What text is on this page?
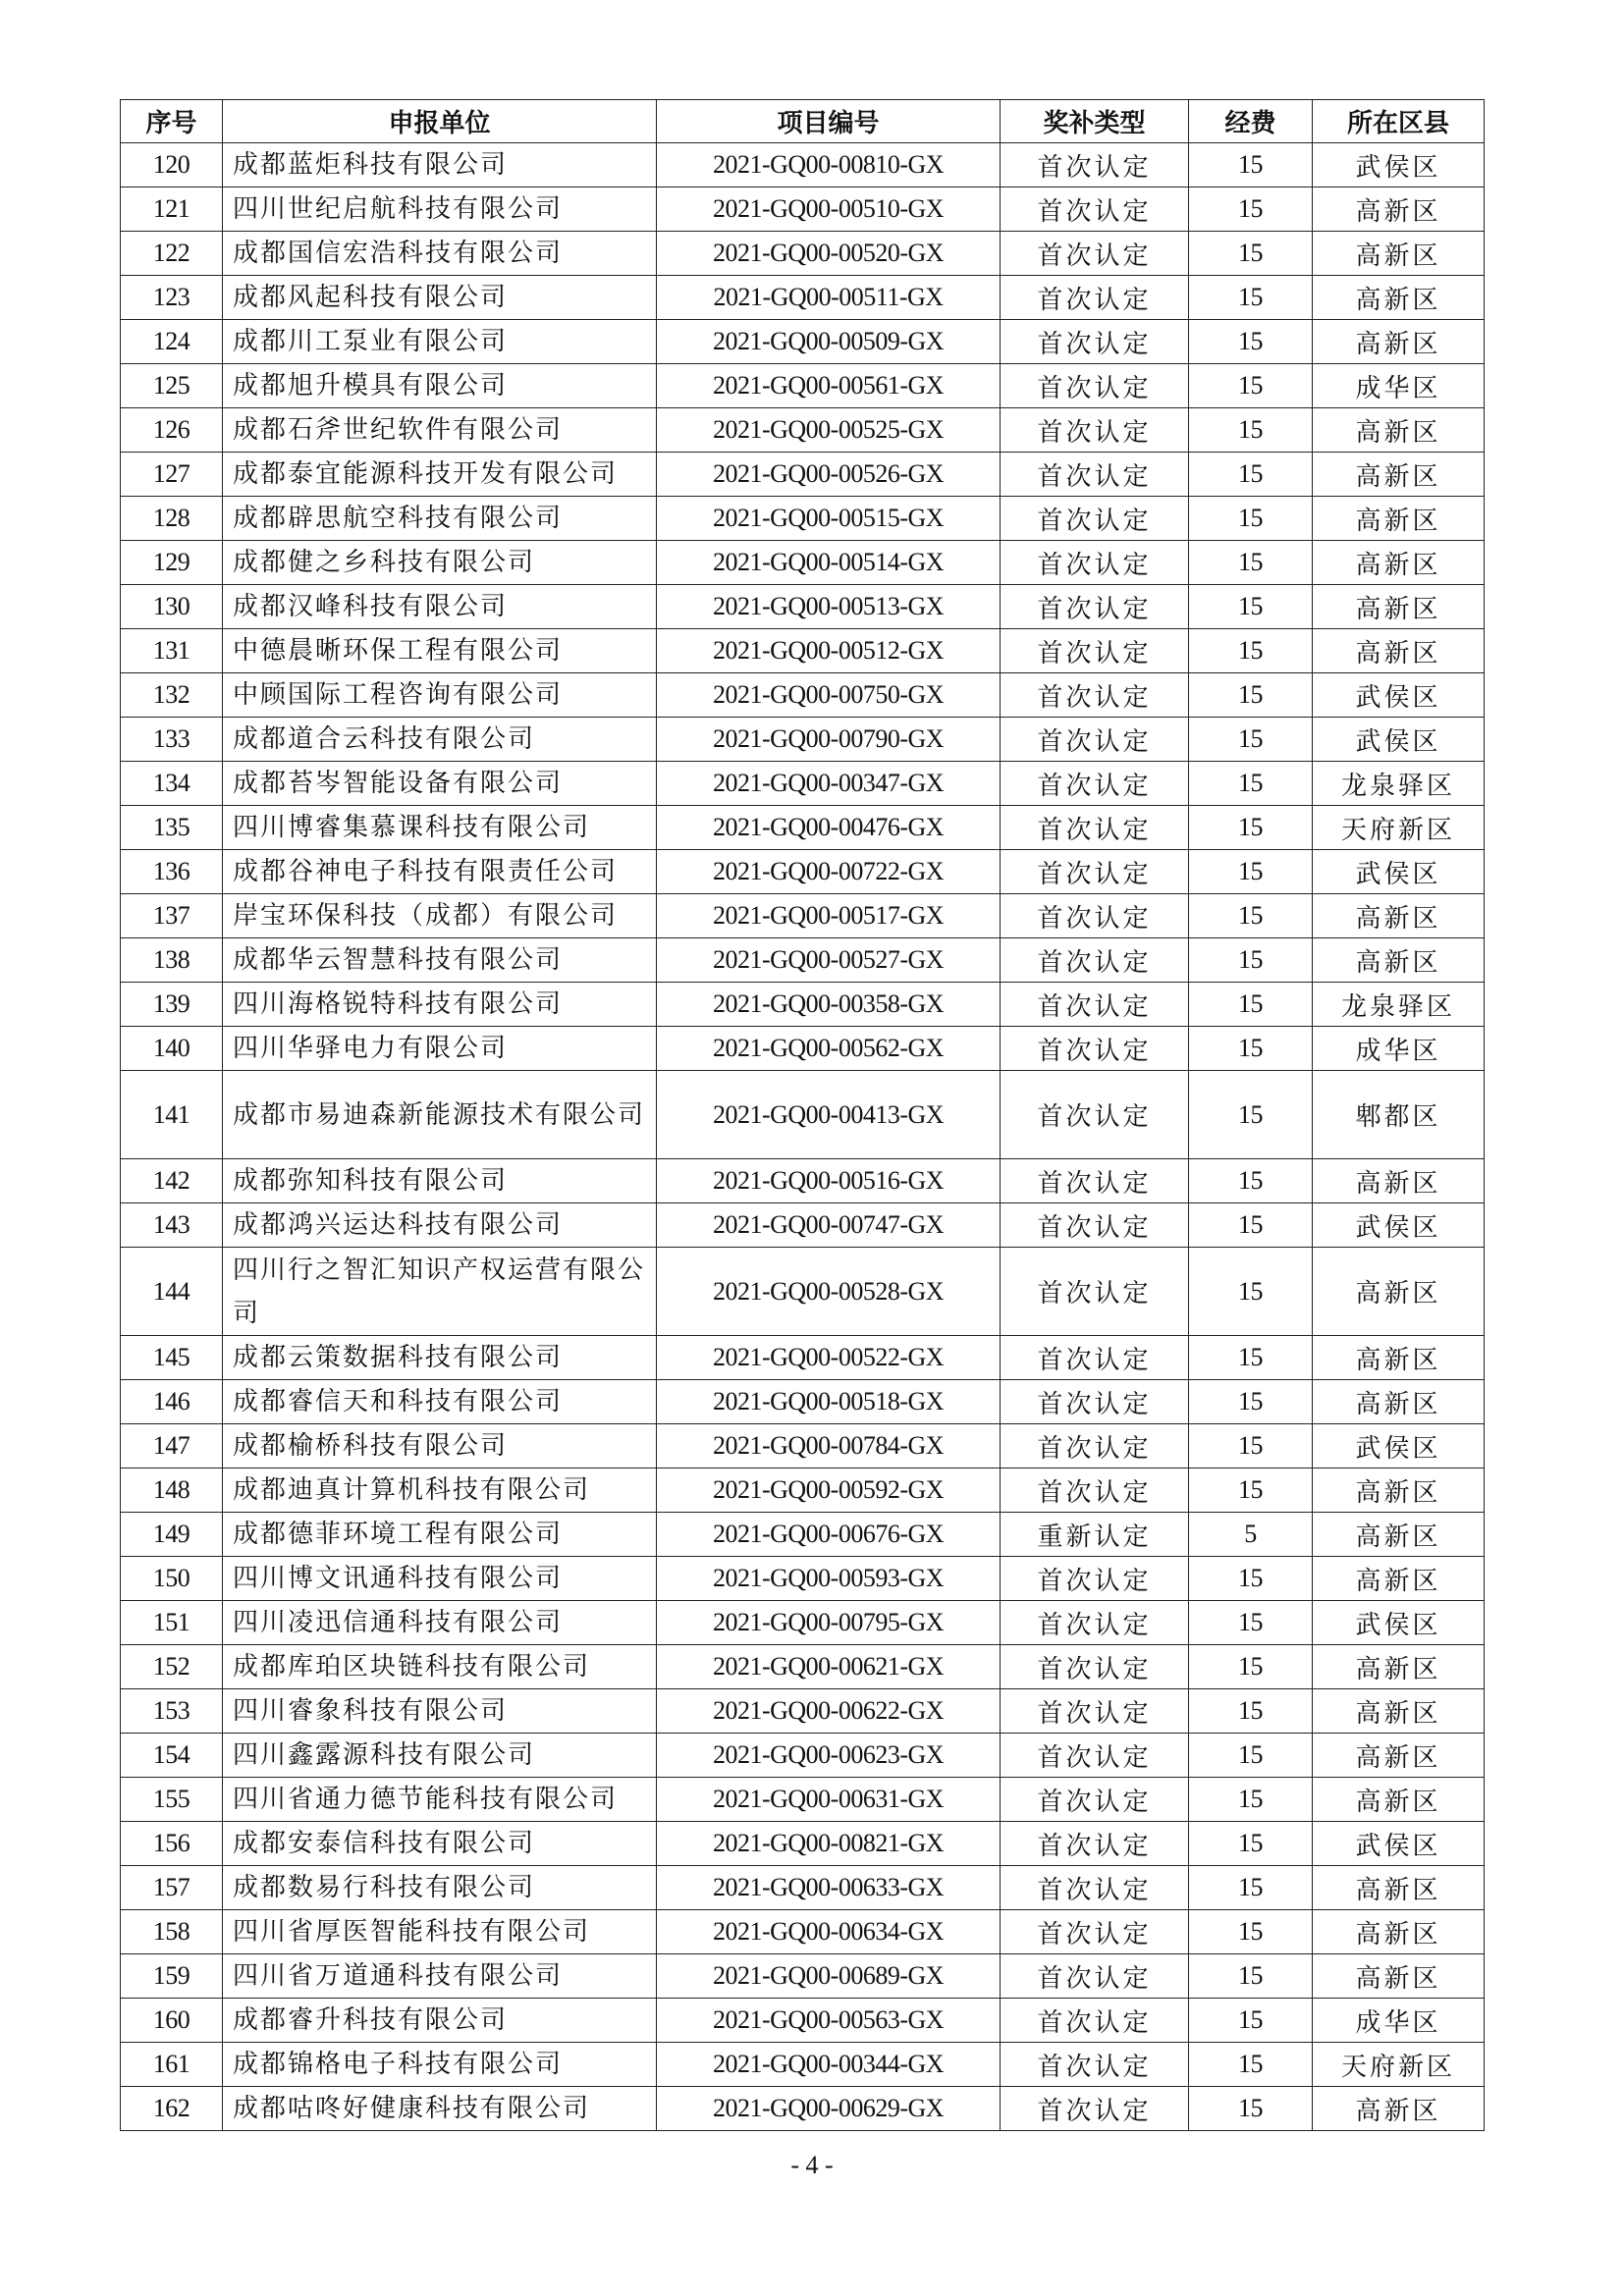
序号	申报单位	项目编号	奖补类型	经费	所在区县
120	成都蓝炬科技有限公司	2021-GQ00-00810-GX	首次认定	15	武侯区
121	四川世纪启航科技有限公司	2021-GQ00-00510-GX	首次认定	15	高新区
122	成都国信宏浩科技有限公司	2021-GQ00-00520-GX	首次认定	15	高新区
123	成都风起科技有限公司	2021-GQ00-00511-GX	首次认定	15	高新区
124	成都川工泵业有限公司	2021-GQ00-00509-GX	首次认定	15	高新区
125	成都旭升模具有限公司	2021-GQ00-00561-GX	首次认定	15	成华区
126	成都石斧世纪软件有限公司	2021-GQ00-00525-GX	首次认定	15	高新区
127	成都泰宜能源科技开发有限公司	2021-GQ00-00526-GX	首次认定	15	高新区
128	成都辟思航空科技有限公司	2021-GQ00-00515-GX	首次认定	15	高新区
129	成都健之乡科技有限公司	2021-GQ00-00514-GX	首次认定	15	高新区
130	成都汉峰科技有限公司	2021-GQ00-00513-GX	首次认定	15	高新区
131	中德晨晰环保工程有限公司	2021-GQ00-00512-GX	首次认定	15	高新区
132	中顾国际工程咨询有限公司	2021-GQ00-00750-GX	首次认定	15	武侯区
133	成都道合云科技有限公司	2021-GQ00-00790-GX	首次认定	15	武侯区
134	成都苔岑智能设备有限公司	2021-GQ00-00347-GX	首次认定	15	龙泉驿区
135	四川博睿集慕课科技有限公司	2021-GQ00-00476-GX	首次认定	15	天府新区
136	成都谷神电子科技有限责任公司	2021-GQ00-00722-GX	首次认定	15	武侯区
137	岸宝环保科技（成都）有限公司	2021-GQ00-00517-GX	首次认定	15	高新区
138	成都华云智慧科技有限公司	2021-GQ00-00527-GX	首次认定	15	高新区
139	四川海格锐特科技有限公司	2021-GQ00-00358-GX	首次认定	15	龙泉驿区
140	四川华驿电力有限公司	2021-GQ00-00562-GX	首次认定	15	成华区
141	成都市易迪森新能源技术有限公司	2021-GQ00-00413-GX	首次认定	15	郫都区
142	成都弥知科技有限公司	2021-GQ00-00516-GX	首次认定	15	高新区
143	成都鸿兴运达科技有限公司	2021-GQ00-00747-GX	首次认定	15	武侯区
144	四川行之智汇知识产权运营有限公司	2021-GQ00-00528-GX	首次认定	15	高新区
145	成都云策数据科技有限公司	2021-GQ00-00522-GX	首次认定	15	高新区
146	成都睿信天和科技有限公司	2021-GQ00-00518-GX	首次认定	15	高新区
147	成都榆桥科技有限公司	2021-GQ00-00784-GX	首次认定	15	武侯区
148	成都迪真计算机科技有限公司	2021-GQ00-00592-GX	首次认定	15	高新区
149	成都德菲环境工程有限公司	2021-GQ00-00676-GX	重新认定	5	高新区
150	四川博文讯通科技有限公司	2021-GQ00-00593-GX	首次认定	15	高新区
151	四川凌迅信通科技有限公司	2021-GQ00-00795-GX	首次认定	15	武侯区
152	成都库珀区块链科技有限公司	2021-GQ00-00621-GX	首次认定	15	高新区
153	四川睿象科技有限公司	2021-GQ00-00622-GX	首次认定	15	高新区
154	四川鑫露源科技有限公司	2021-GQ00-00623-GX	首次认定	15	高新区
155	四川省通力德节能科技有限公司	2021-GQ00-00631-GX	首次认定	15	高新区
156	成都安泰信科技有限公司	2021-GQ00-00821-GX	首次认定	15	武侯区
157	成都数易行科技有限公司	2021-GQ00-00633-GX	首次认定	15	高新区
158	四川省厚医智能科技有限公司	2021-GQ00-00634-GX	首次认定	15	高新区
159	四川省万道通科技有限公司	2021-GQ00-00689-GX	首次认定	15	高新区
160	成都睿升科技有限公司	2021-GQ00-00563-GX	首次认定	15	成华区
161	成都锦格电子科技有限公司	2021-GQ00-00344-GX	首次认定	15	天府新区
162	成都咕咚好健康科技有限公司	2021-GQ00-00629-GX	首次认定	15	高新区
- 4 -
